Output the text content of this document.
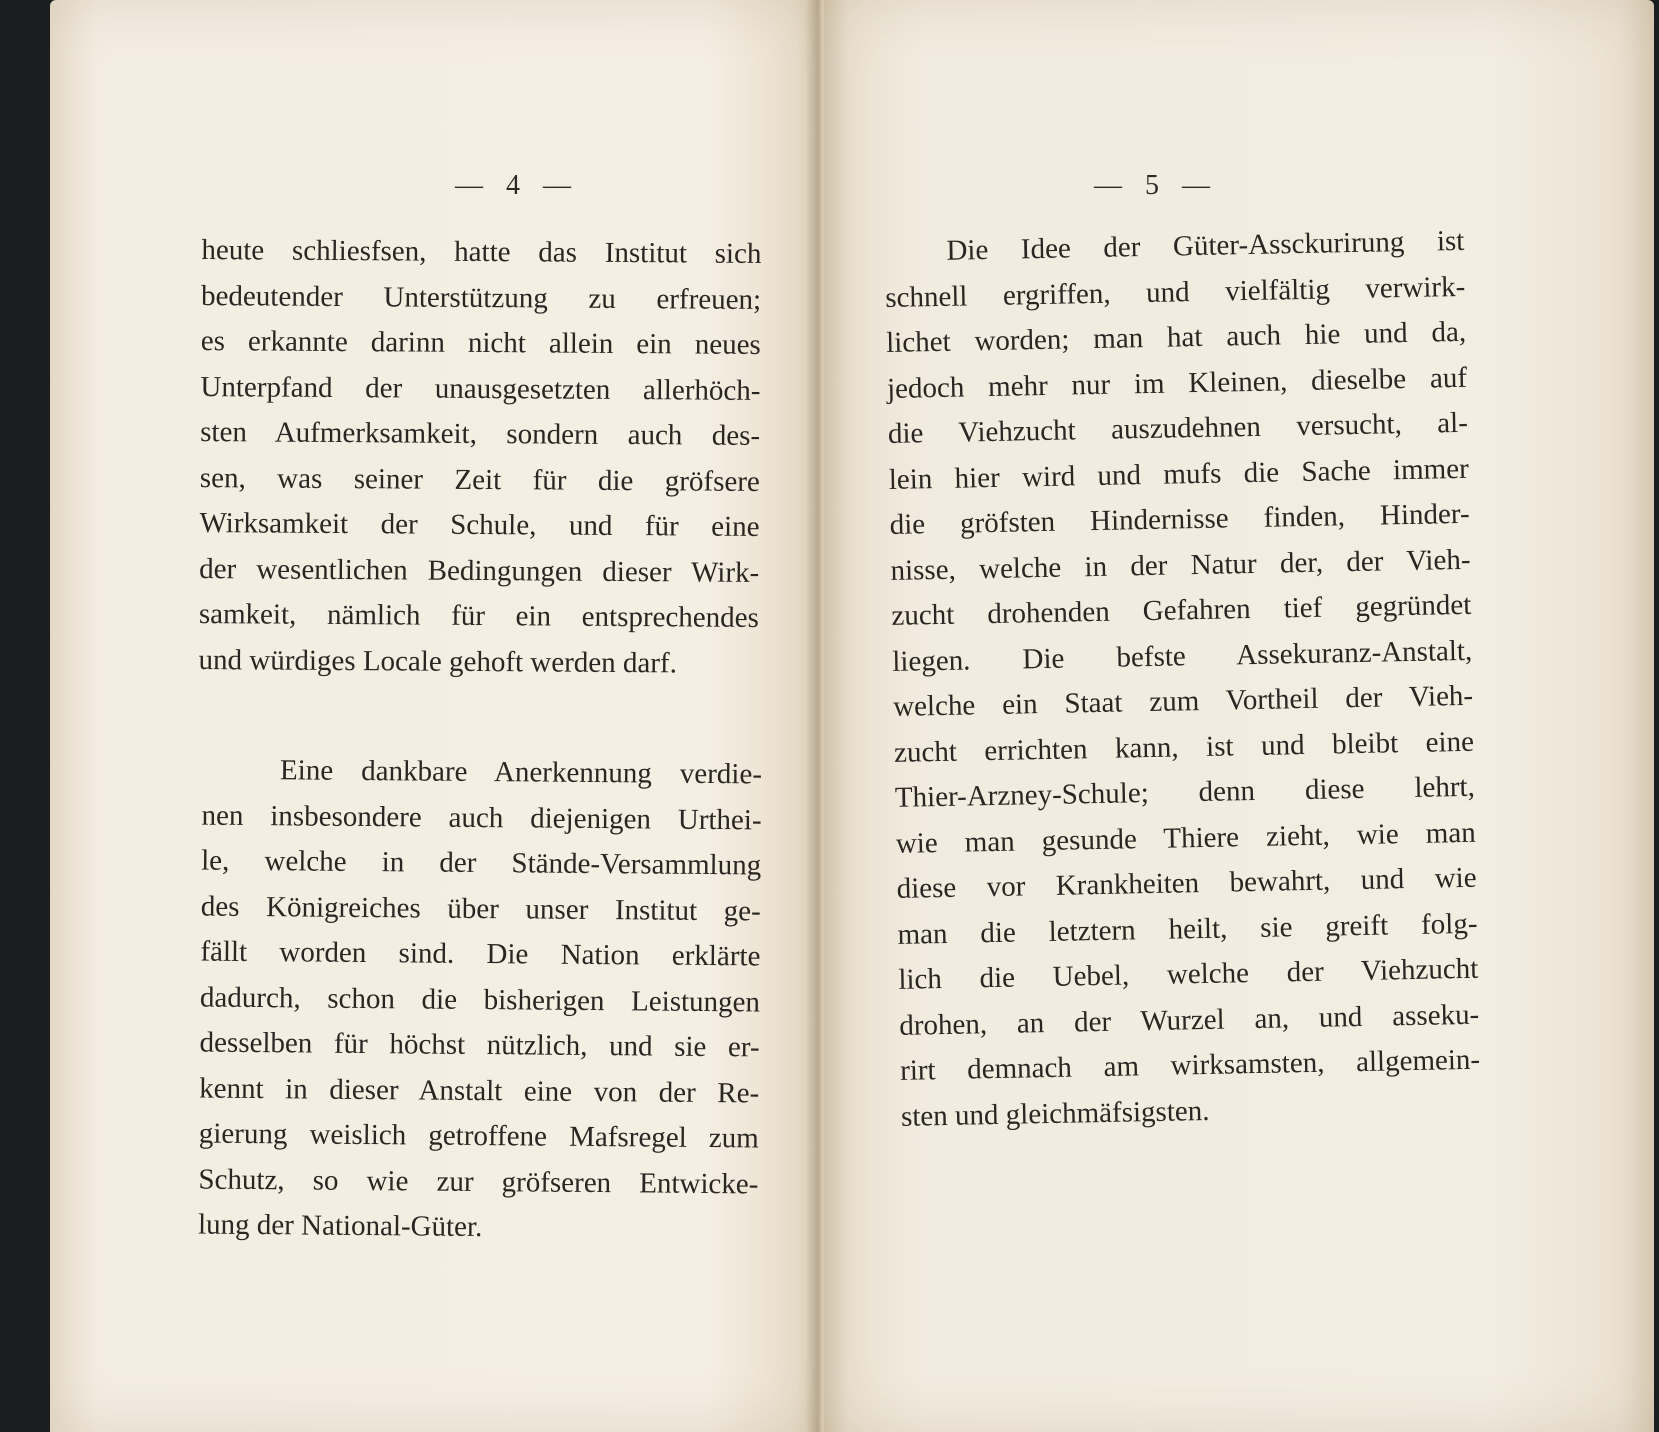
— 4 —
heute schliesfsen, hatte das Institut sich
bedeutender Unterstützung zu erfreuen;
es erkannte darinn nicht allein ein neues
Unterpfand der unausgesetzten allerhöch-
sten Aufmerksamkeit, sondern auch des-
sen, was seiner Zeit für die gröfsere
Wirksamkeit der Schule, und für eine
der wesentlichen Bedingungen dieser Wirk-
samkeit, nämlich für ein entsprechendes
und würdiges Locale gehoft werden darf.
Eine dankbare Anerkennung verdie-
nen insbesondere auch diejenigen Urthei-
le, welche in der Stände-Versammlung
des Königreiches über unser Institut ge-
fällt worden sind. Die Nation erklärte
dadurch, schon die bisherigen Leistungen
desselben für höchst nützlich, und sie er-
kennt in dieser Anstalt eine von der Re-
gierung weislich getroffene Mafsregel zum
Schutz, so wie zur gröfseren Entwicke-
lung der National-Güter.
— 5 —
Die Idee der Güter-Assckurirung ist
schnell ergriffen, und vielfältig verwirk-
lichet worden; man hat auch hie und da,
jedoch mehr nur im Kleinen, dieselbe auf
die Viehzucht auszudehnen versucht, al-
lein hier wird und mufs die Sache immer
die gröfsten Hindernisse finden, Hinder-
nisse, welche in der Natur der, der Vieh-
zucht drohenden Gefahren tief gegründet
liegen. Die befste Assekuranz-Anstalt,
welche ein Staat zum Vortheil der Vieh-
zucht errichten kann, ist und bleibt eine
Thier-Arzney-Schule; denn diese lehrt,
wie man gesunde Thiere zieht, wie man
diese vor Krankheiten bewahrt, und wie
man die letztern heilt, sie greift folg-
lich die Uebel, welche der Viehzucht
drohen, an der Wurzel an, und asseku-
rirt demnach am wirksamsten, allgemein-
sten und gleichmäfsigsten.
